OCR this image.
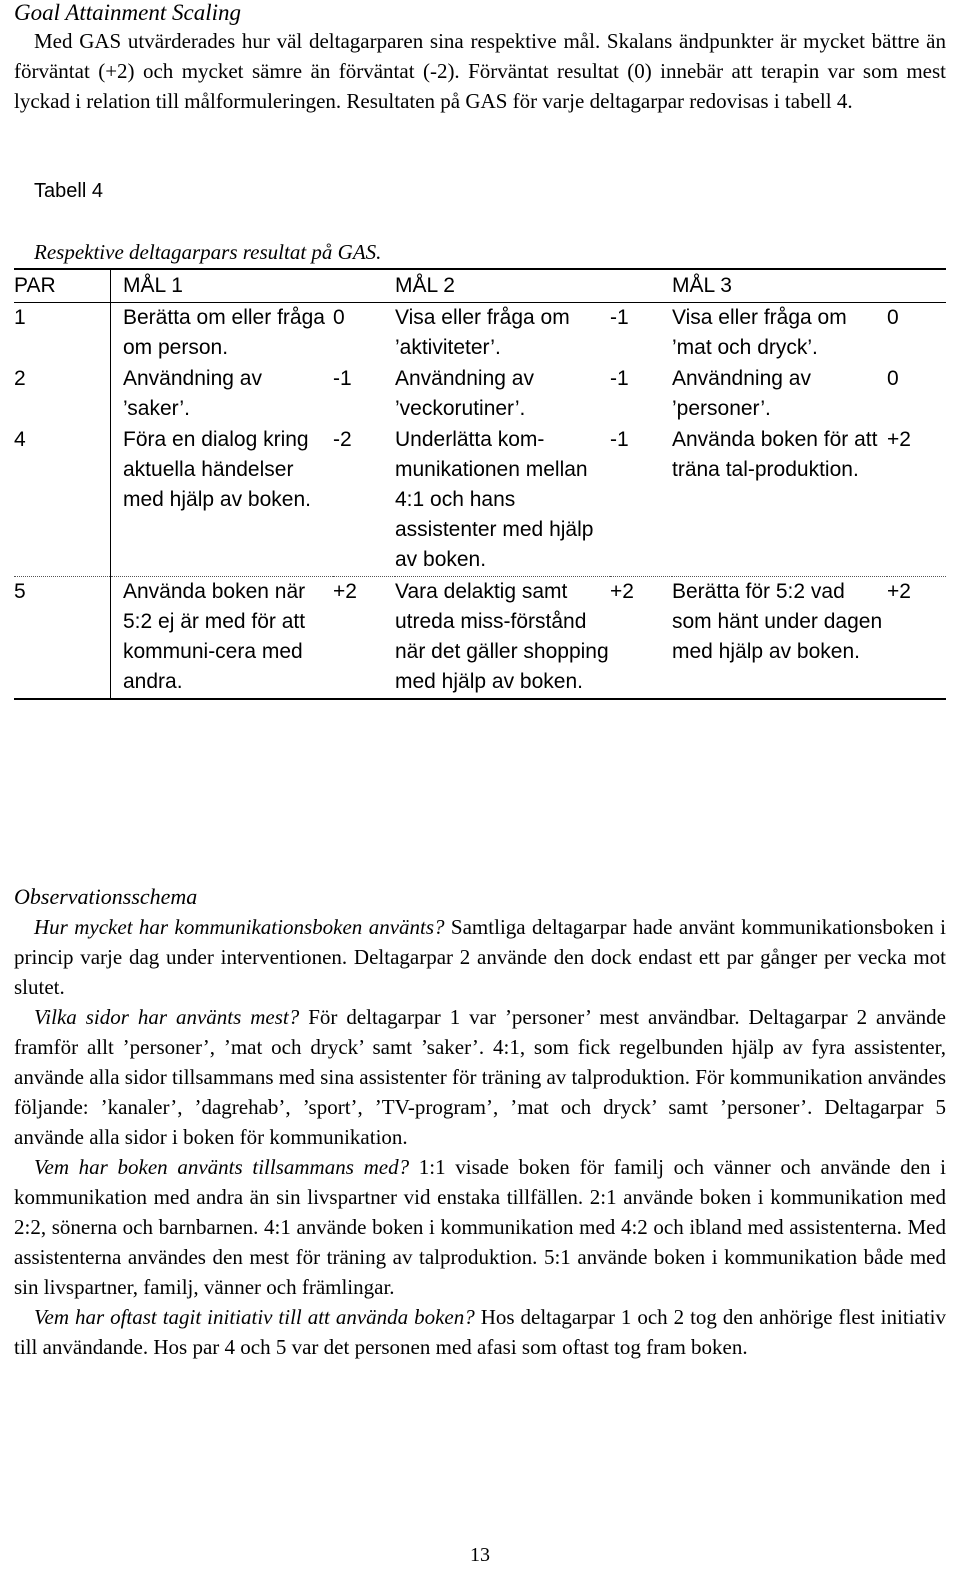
Goal Attainment Scaling
Med GAS utvärderades hur väl deltagarparen sina respektive mål. Skalans ändpunkter är mycket bättre än förväntat (+2) och mycket sämre än förväntat (-2). Förväntat resultat (0) innebär att terapin var som mest lyckad i relation till målformuleringen. Resultaten på GAS för varje deltagarpar redovisas i tabell 4.
Tabell 4
Respektive deltagarpars resultat på GAS.
PAR	MÅL 1		MÅL 2		MÅL 3	
1	Berätta om eller fråga om person.	0	Visa eller fråga om ’aktiviteter’.	-1	Visa eller fråga om ’mat och dryck’.	0
2	Användning av ’saker’.	-1	Användning av ’veckorutiner’.	-1	Användning av ’personer’.	0
4	Föra en dialog kring aktuella händelser med hjälp av boken.	-2	Underlätta kom-munikationen mellan 4:1 och hans assistenter med hjälp av boken.	-1	Använda boken för att träna tal-produktion.	+2
5	Använda boken när 5:2 ej är med för att kommuni-cera med andra.	+2	Vara delaktig samt utreda miss-förstånd när det gäller shopping med hjälp av boken.	+2	Berätta för 5:2 vad som hänt under dagen med hjälp av boken.	+2
Observationsschema
Hur mycket har kommunikationsboken använts? Samtliga deltagarpar hade använt kommunikationsboken i princip varje dag under interventionen. Deltagarpar 2 använde den dock endast ett par gånger per vecka mot slutet.
Vilka sidor har använts mest? För deltagarpar 1 var ’personer’ mest användbar. Deltagarpar 2 använde framför allt ’personer’, ’mat och dryck’ samt ’saker’. 4:1, som fick regelbunden hjälp av fyra assistenter, använde alla sidor tillsammans med sina assistenter för träning av talproduktion. För kommunikation användes följande: ’kanaler’, ’dagrehab’, ’sport’, ’TV-program’, ’mat och dryck’ samt ’personer’. Deltagarpar 5 använde alla sidor i boken för kommunikation.
Vem har boken använts tillsammans med? 1:1 visade boken för familj och vänner och använde den i kommunikation med andra än sin livspartner vid enstaka tillfällen. 2:1 använde boken i kommunikation med 2:2, sönerna och barnbarnen. 4:1 använde boken i kommunikation med 4:2 och ibland med assistenterna. Med assistenterna användes den mest för träning av talproduktion. 5:1 använde boken i kommunikation både med sin livspartner, familj, vänner och främlingar.
Vem har oftast tagit initiativ till att använda boken? Hos deltagarpar 1 och 2 tog den anhörige flest initiativ till användande. Hos par 4 och 5 var det personen med afasi som oftast tog fram boken.
13
